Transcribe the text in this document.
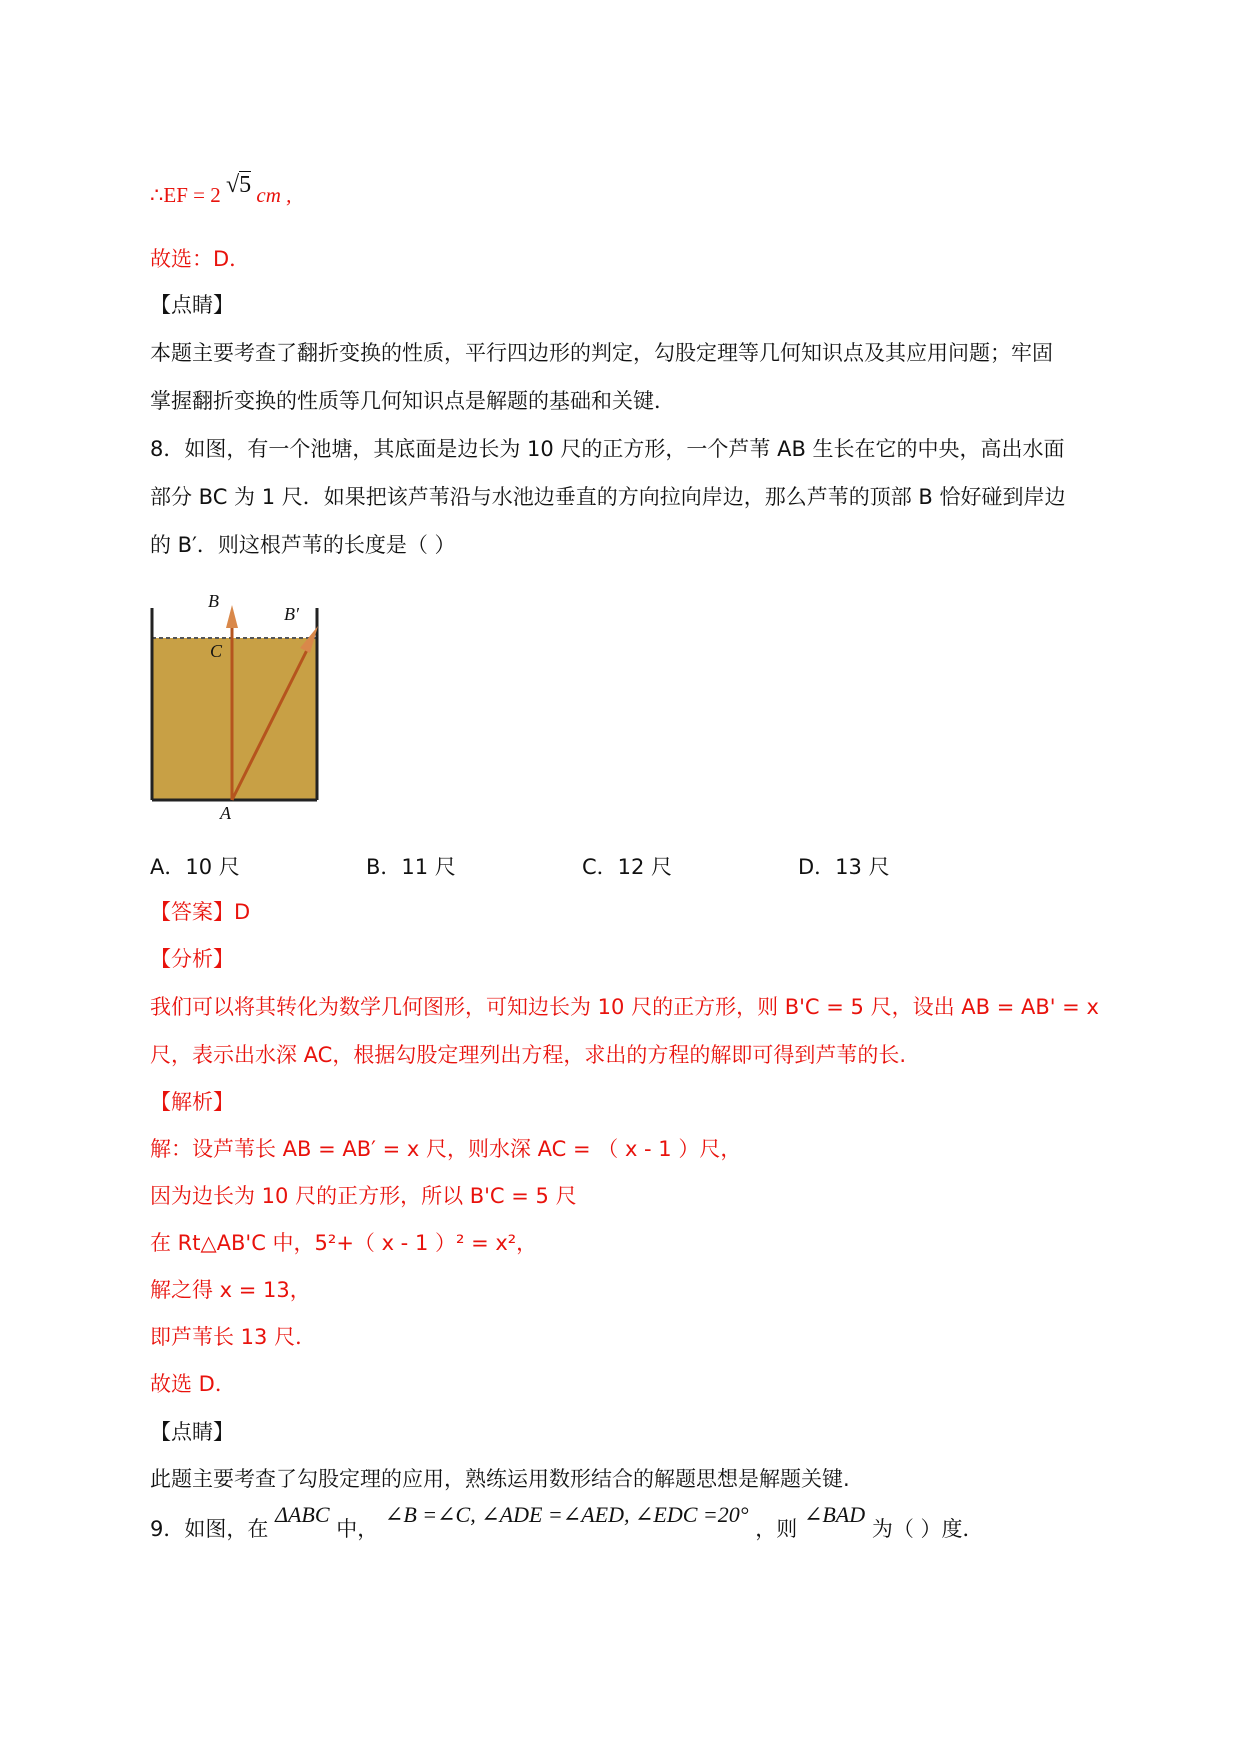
∴EF = 2 √5 cm ,
故选：D．
【点睛】
本题主要考查了翻折变换的性质，平行四边形的判定，勾股定理等几何知识点及其应用问题；牢固
掌握翻折变换的性质等几何知识点是解题的基础和关键．
8．如图，有一个池塘，其底面是边长为 10 尺的正方形，一个芦苇 AB 生长在它的中央，高出水面
部分 BC 为 1 尺．如果把该芦苇沿与水池边垂直的方向拉向岸边，那么芦苇的顶部 B 恰好碰到岸边
的 B′．则这根芦苇的长度是（ ）
B
B′
C
A
A．10 尺	B．11 尺	C．12 尺	D．13 尺
【答案】D
【分析】
我们可以将其转化为数学几何图形，可知边长为 10 尺的正方形，则 B'C = 5 尺，设出 AB = AB' = x
尺，表示出水深 AC，根据勾股定理列出方程，求出的方程的解即可得到芦苇的长.
【解析】
解：设芦苇长 AB = AB′ = x 尺，则水深 AC = （ x - 1 ）尺，
因为边长为 10 尺的正方形，所以 B'C = 5 尺
在 Rt△AB'C 中，5²+（ x - 1 ）² = x²，
解之得 x = 13，
即芦苇长 13 尺．
故选 D．
【点睛】
此题主要考查了勾股定理的应用，熟练运用数形结合的解题思想是解题关键.
9．如图，在 ΔABC 中， ∠B =∠C, ∠ADE =∠AED, ∠EDC =20° ，则 ∠BAD 为（ ）度．
